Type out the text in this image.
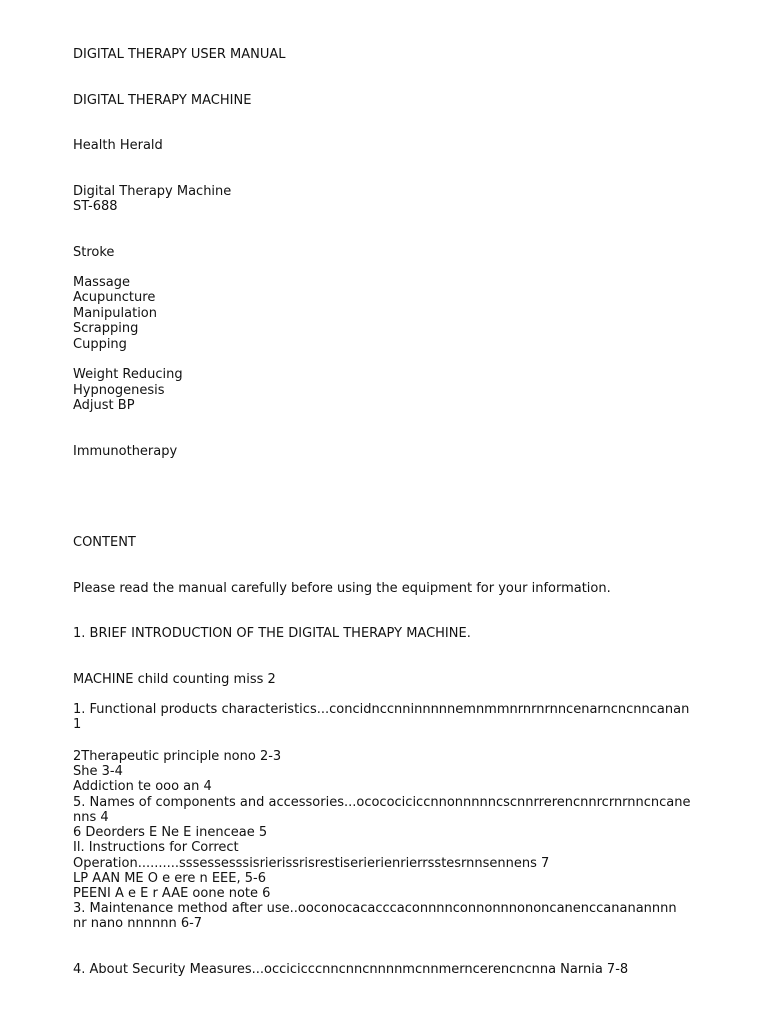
DIGITAL THERAPY USER MANUAL
DIGITAL THERAPY MACHINE
Health Herald
Digital Therapy Machine
ST-688
Stroke
Massage
Acupuncture
Manipulation
Scrapping
Cupping
Weight Reducing
Hypnogenesis
Adjust BP
Immunotherapy
CONTENT
Please read the manual carefully before using the equipment for your information.
1. BRIEF INTRODUCTION OF THE DIGITAL THERAPY MACHINE.
MACHINE child counting miss 2
1. Functional products characteristics...concidnccnninnnnnemnmmnrnrnrnncenarncncnncanan 1
2Therapeutic principle nono 2-3
She 3-4
Addiction te ooo an 4
5. Names of components and accessories...ococociciccnnonnnnncscnnrrerencnnrcrnrnncncanenns 4
6 Deorders E Ne E inenceae 5
Il. Instructions for Correct
Operation..........sssessesssisrierissrisrestiserierienrierrsstesrnnsennens 7
LP AAN ME O e ere n EEE, 5-6
PEENI A e E r AAE oone note 6
3. Maintenance method after use..ooconocacacccaconnnnconnonnnononcanenccananannnn nr nano nnnnnn 6-7
4. About Security Measures...occicicccnncnncnnnnmcnnmerncerencncnna Narnia 7-8
